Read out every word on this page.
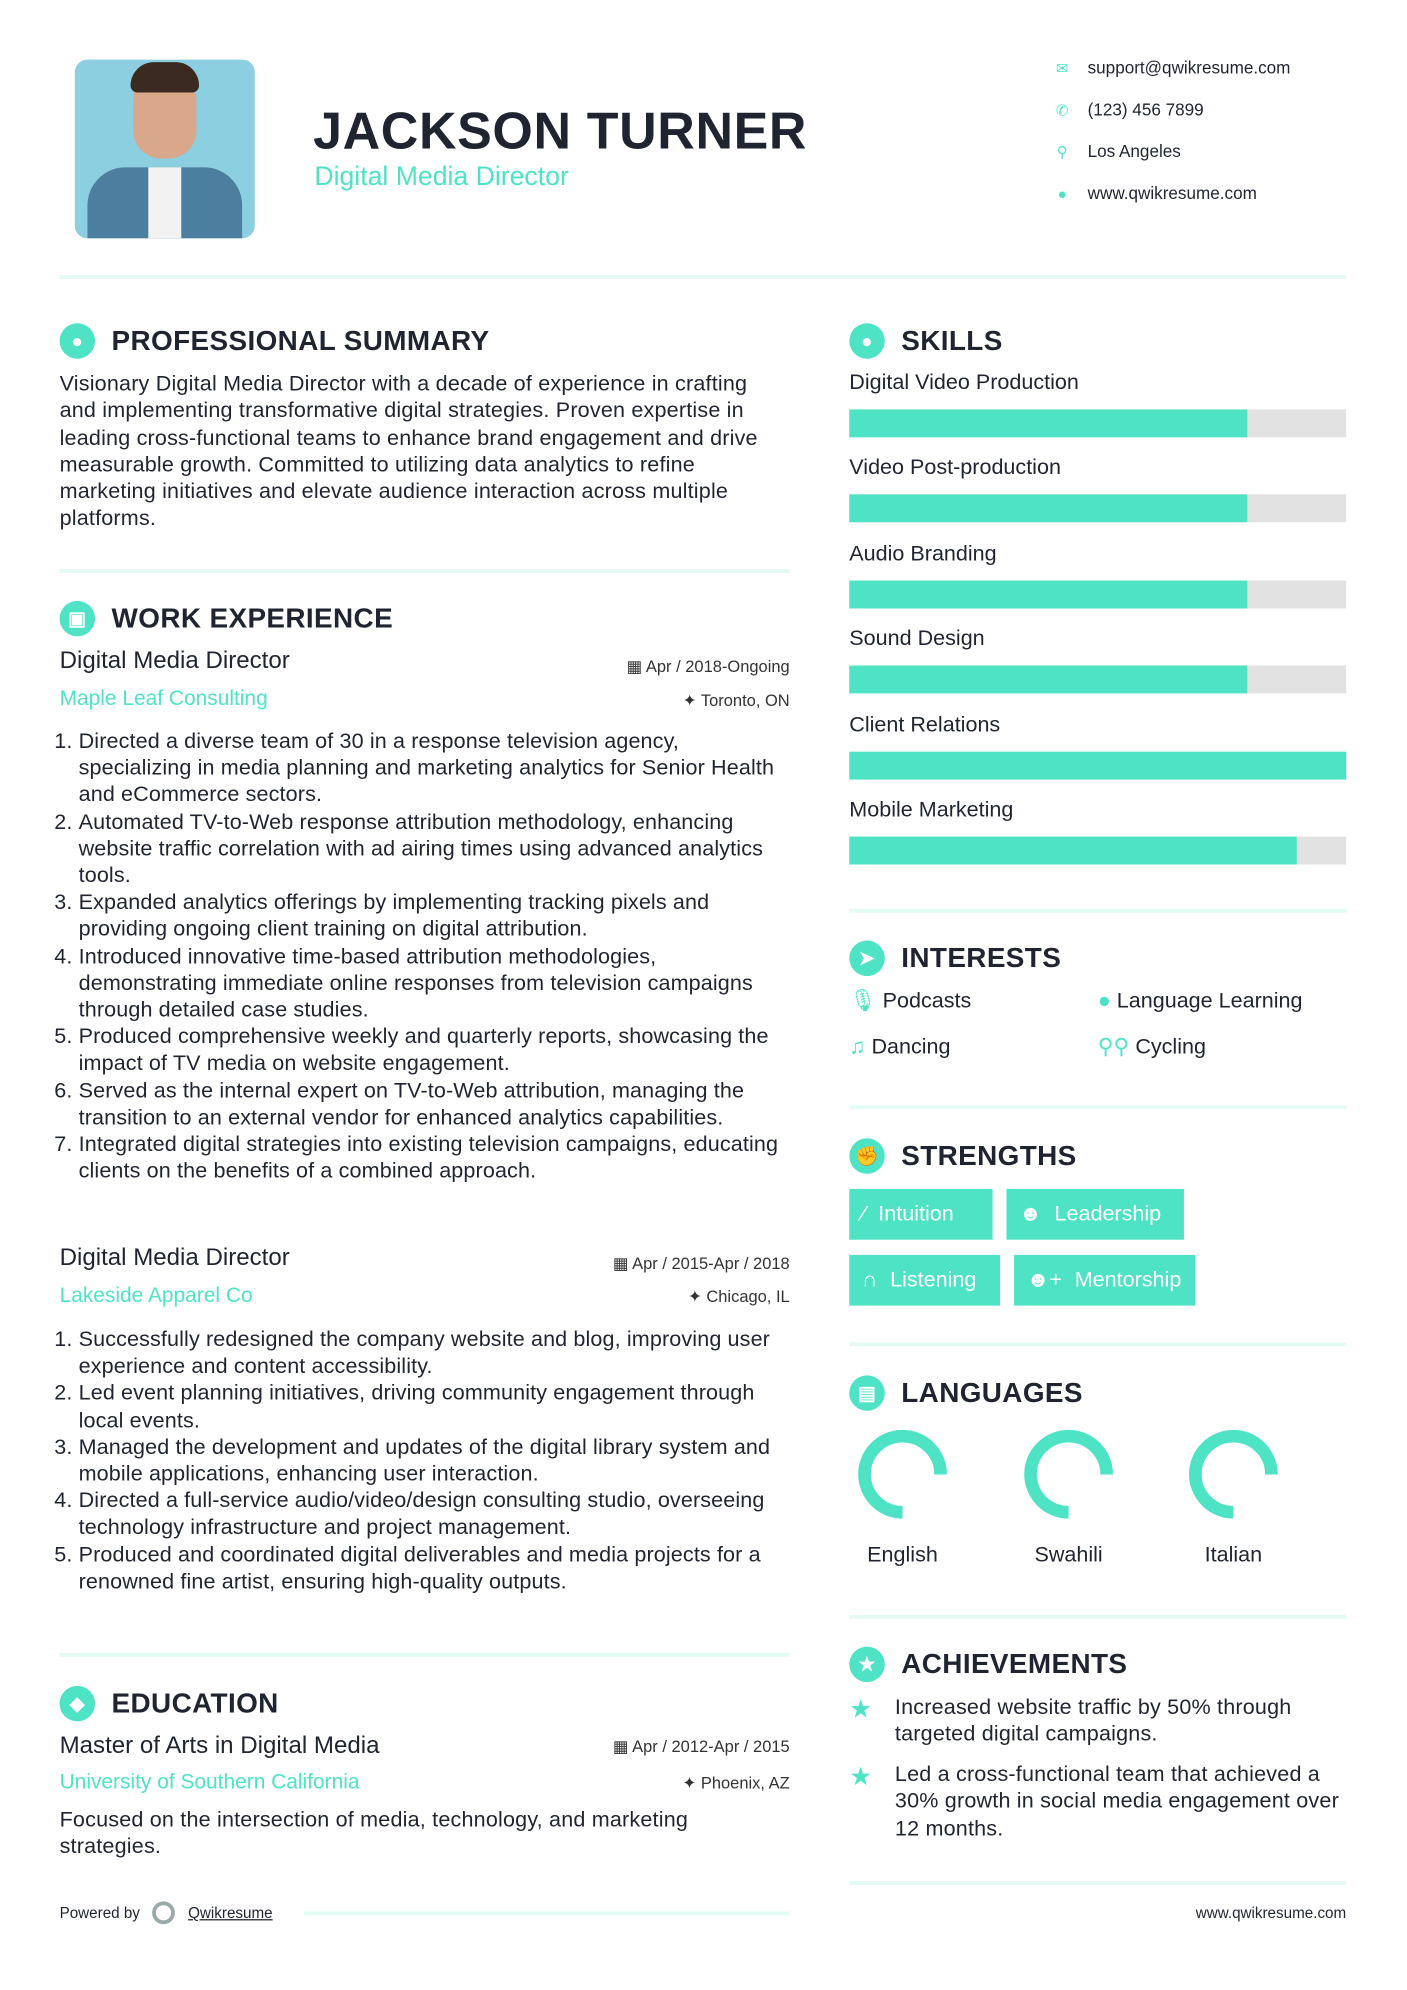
JACKSON TURNER
Digital Media Director
✉ support@qwikresume.com
✆ (123) 456 7899
⚲ Los Angeles
● www.qwikresume.com
●	PROFESSIONAL SUMMARY
Visionary Digital Media Director with a decade of experience in crafting and implementing transformative digital strategies. Proven expertise in leading cross-functional teams to enhance brand engagement and drive measurable growth. Committed to utilizing data analytics to refine marketing initiatives and elevate audience interaction across multiple platforms.
▣	WORK EXPERIENCE
Digital Media Director	▦ Apr / 2018-Ongoing
Maple Leaf Consulting	✦ Toronto, ON
1. Directed a diverse team of 30 in a response television agency, specializing in media planning and marketing analytics for Senior Health and eCommerce sectors.
2. Automated TV-to-Web response attribution methodology, enhancing website traffic correlation with ad airing times using advanced analytics tools.
3. Expanded analytics offerings by implementing tracking pixels and providing ongoing client training on digital attribution.
4. Introduced innovative time-based attribution methodologies, demonstrating immediate online responses from television campaigns through detailed case studies.
5. Produced comprehensive weekly and quarterly reports, showcasing the impact of TV media on website engagement.
6. Served as the internal expert on TV-to-Web attribution, managing the transition to an external vendor for enhanced analytics capabilities.
7. Integrated digital strategies into existing television campaigns, educating clients on the benefits of a combined approach.
Digital Media Director	▦ Apr / 2015-Apr / 2018
Lakeside Apparel Co	✦ Chicago, IL
1. Successfully redesigned the company website and blog, improving user experience and content accessibility.
2. Led event planning initiatives, driving community engagement through local events.
3. Managed the development and updates of the digital library system and mobile applications, enhancing user interaction.
4. Directed a full-service audio/video/design consulting studio, overseeing technology infrastructure and project management.
5. Produced and coordinated digital deliverables and media projects for a renowned fine artist, ensuring high-quality outputs.
◆	EDUCATION
Master of Arts in Digital Media	▦ Apr / 2012-Apr / 2015
University of Southern California	✦ Phoenix, AZ
Focused on the intersection of media, technology, and marketing strategies.
Powered by	Qwikresume	www.qwikresume.com
●	SKILLS
Digital Video Production
Video Post-production
Audio Branding
Sound Design
Client Relations
Mobile Marketing
➤	INTERESTS
🎙 Podcasts	● Language Learning
♫ Dancing	⚲⚲ Cycling
✊ STRENGTHS
⁄ Intuition	☻ Leadership
∩ Listening	☻+ Mentorship
▤	LANGUAGES
English	Swahili	Italian
★	ACHIEVEMENTS
★ Increased website traffic by 50% through targeted digital campaigns.
★ Led a cross-functional team that achieved a 30% growth in social media engagement over 12 months.
